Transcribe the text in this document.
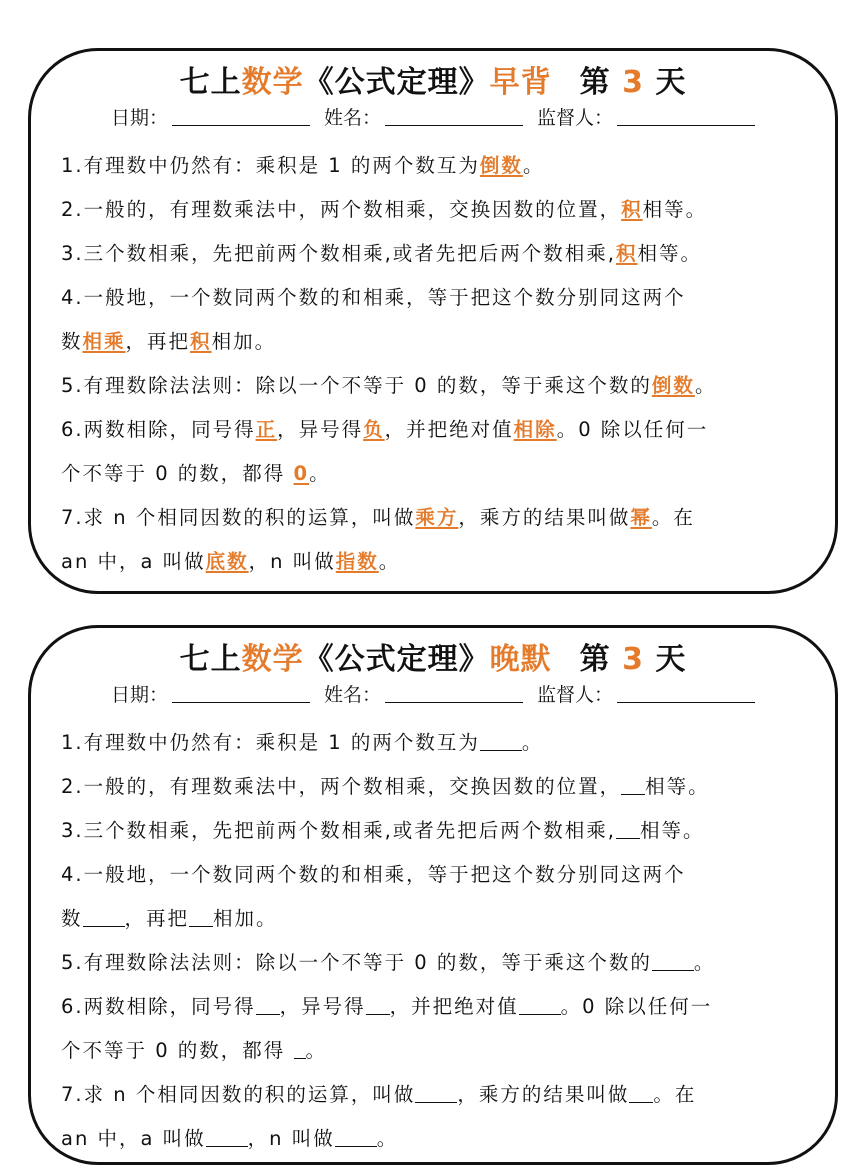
七上数学《公式定理》早背 第 3 天
日期：	姓名：	监督人：
1.有理数中仍然有：乘积是 1 的两个数互为倒数。
2.一般的，有理数乘法中，两个数相乘，交换因数的位置，积相等。
3.三个数相乘，先把前两个数相乘,或者先把后两个数相乘,积相等。
4.一般地，一个数同两个数的和相乘，等于把这个数分别同这两个
数相乘，再把积相加。
5.有理数除法法则：除以一个不等于 0 的数，等于乘这个数的倒数。
6.两数相除，同号得正，异号得负，并把绝对值相除。0 除以任何一
个不等于 0 的数，都得 0。
7.求 n 个相同因数的积的运算，叫做乘方，乘方的结果叫做幂。在
an 中，a 叫做底数，n 叫做指数。
七上数学《公式定理》晚默 第 3 天
日期：	姓名：	监督人：
1.有理数中仍然有：乘积是 1 的两个数互为 。
2.一般的，有理数乘法中，两个数相乘，交换因数的位置， 相等。
3.三个数相乘，先把前两个数相乘,或者先把后两个数相乘, 相等。
4.一般地，一个数同两个数的和相乘，等于把这个数分别同这两个
数 ，再把 相加。
5.有理数除法法则：除以一个不等于 0 的数，等于乘这个数的 。
6.两数相除，同号得 ，异号得 ，并把绝对值 。0 除以任何一
个不等于 0 的数，都得 。
7.求 n 个相同因数的积的运算，叫做 ，乘方的结果叫做 。在
an 中，a 叫做 ，n 叫做 。
